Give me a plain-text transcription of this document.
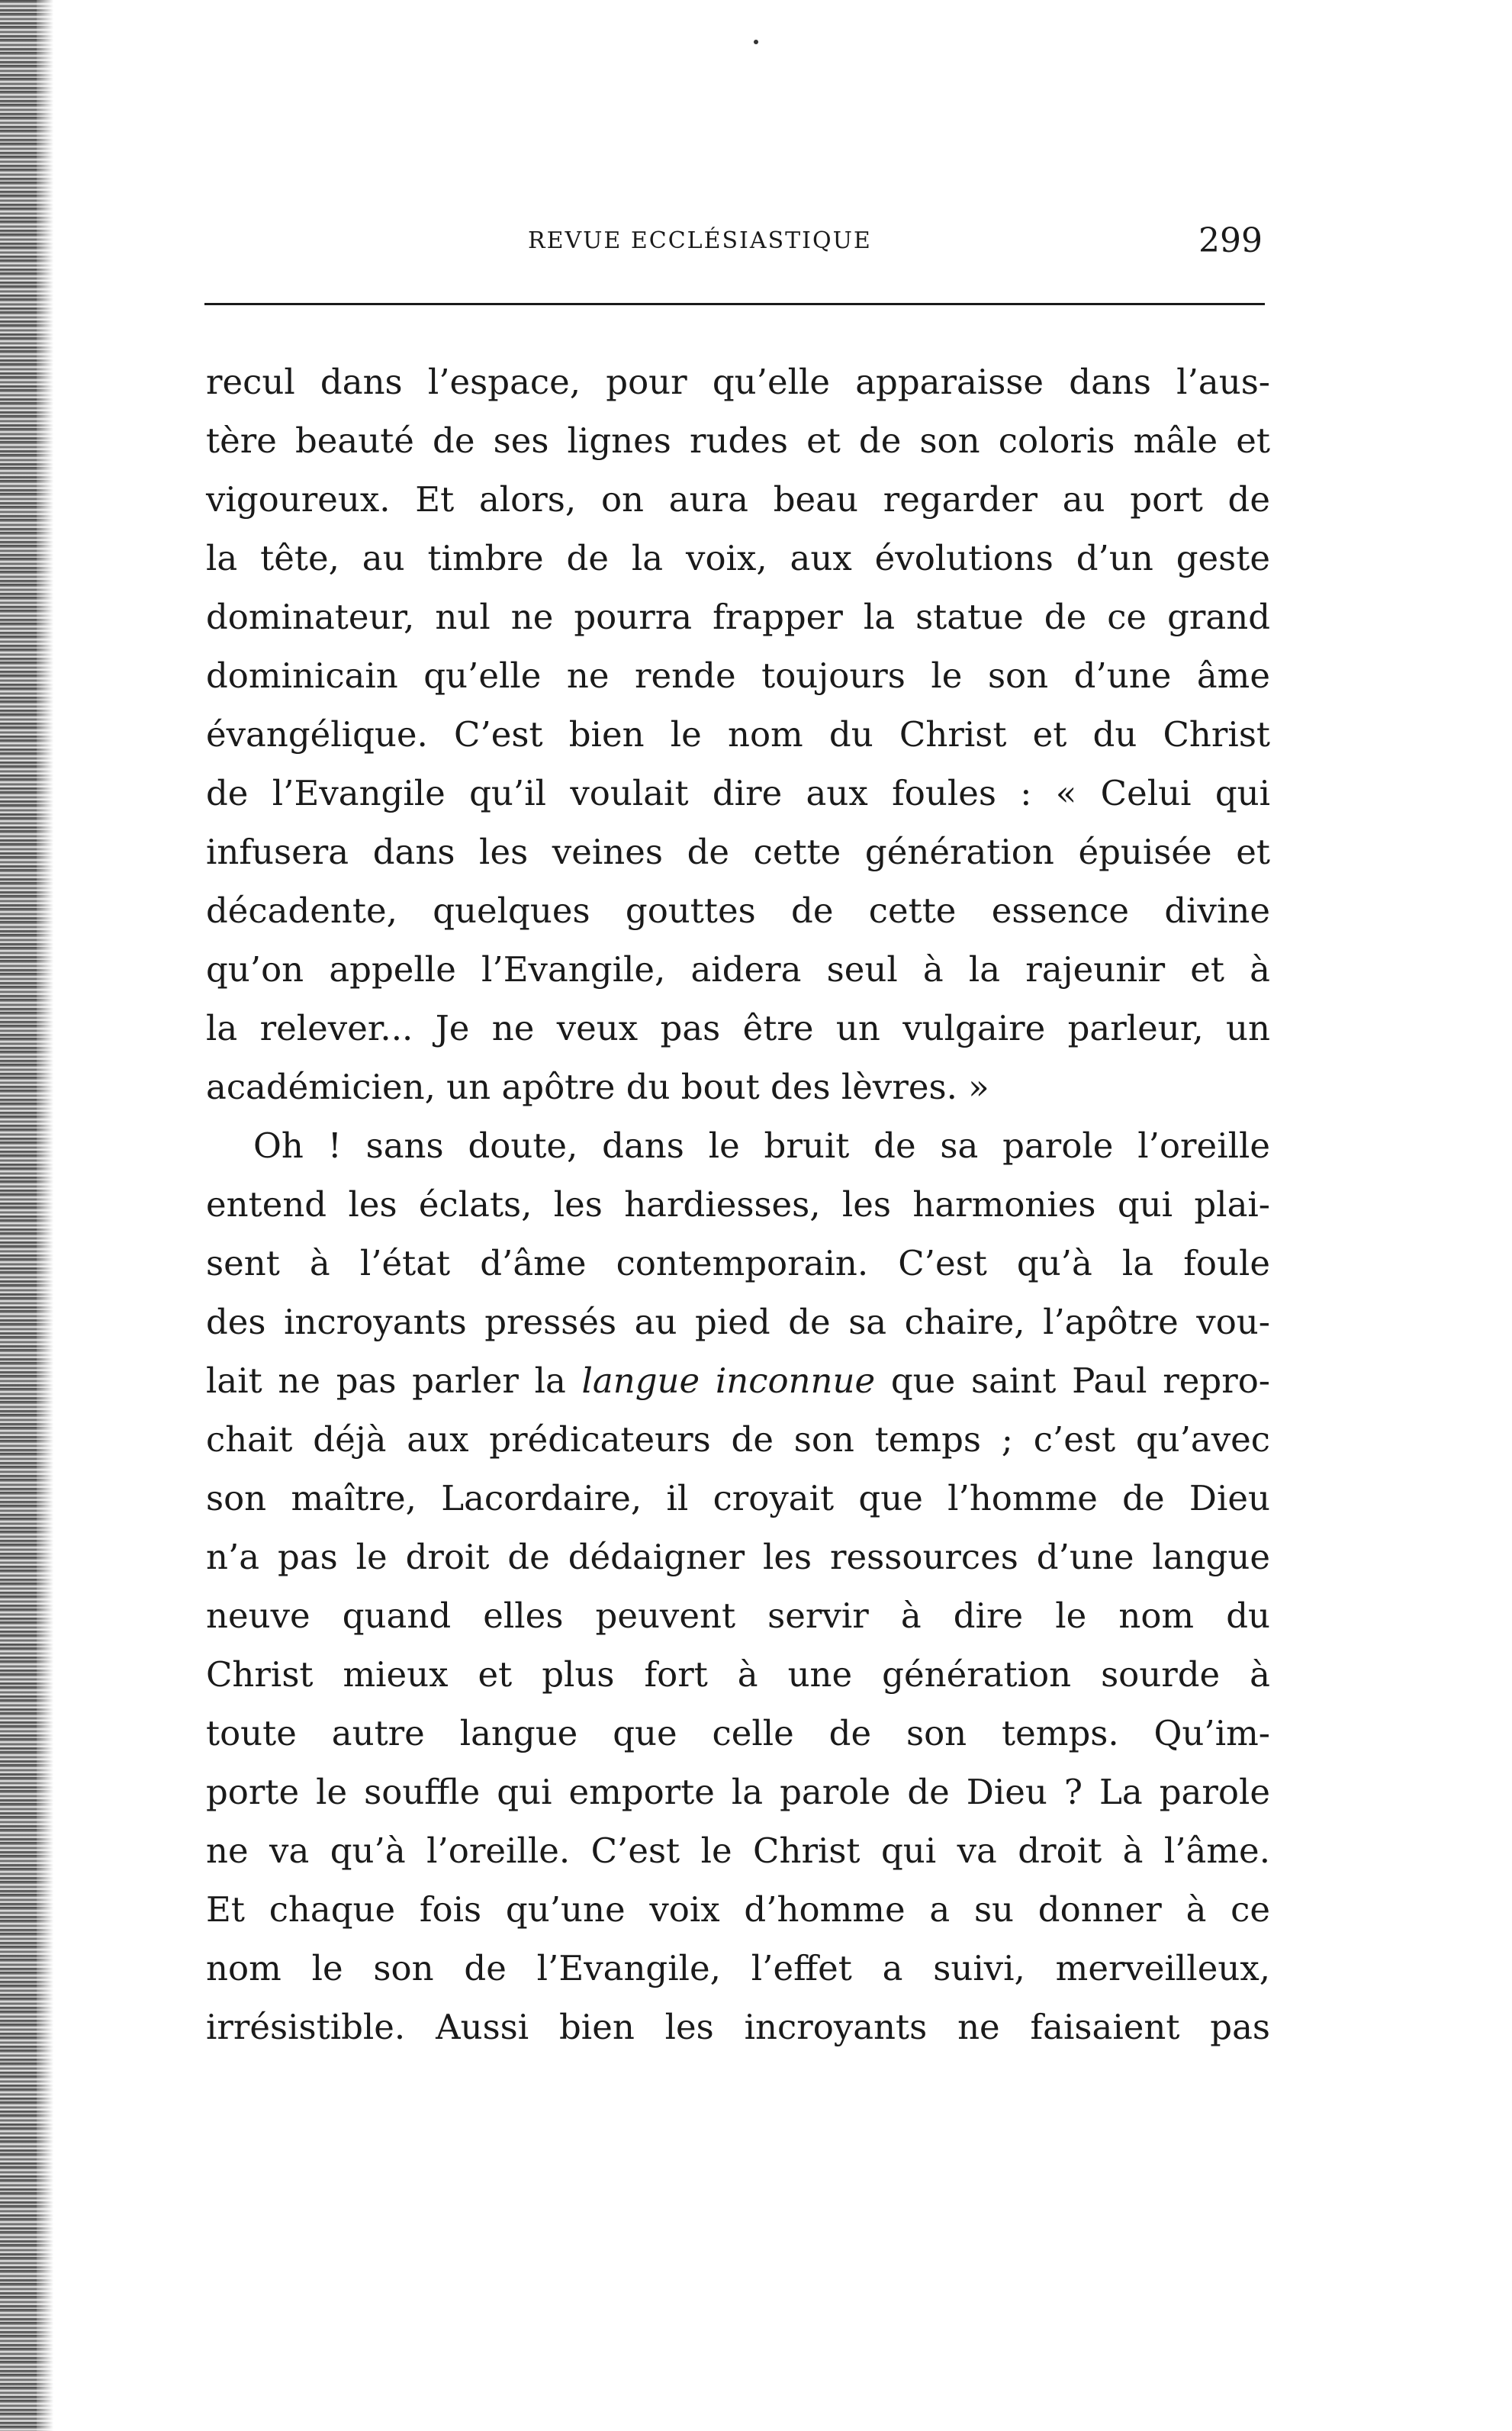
REVUE ECCLÉSIASTIQUE	299
recul dans l’espace, pour qu’elle apparaisse dans l’aus-
tère beauté de ses lignes rudes et de son coloris mâle et
vigoureux. Et alors, on aura beau regarder au port de
la tête, au timbre de la voix, aux évolutions d’un geste
dominateur, nul ne pourra frapper la statue de ce grand
dominicain qu’elle ne rende toujours le son d’une âme
évangélique. C’est bien le nom du Christ et du Christ
de l’Evangile qu’il voulait dire aux foules : « Celui qui
infusera dans les veines de cette génération épuisée et
décadente, quelques gouttes de cette essence divine
qu’on appelle l’Evangile, aidera seul à la rajeunir et à
la relever... Je ne veux pas être un vulgaire parleur, un
académicien, un apôtre du bout des lèvres. »
Oh ! sans doute, dans le bruit de sa parole l’oreille
entend les éclats, les hardiesses, les harmonies qui plai-
sent à l’état d’âme contemporain. C’est qu’à la foule
des incroyants pressés au pied de sa chaire, l’apôtre vou-
lait ne pas parler la langue inconnue que saint Paul repro-
chait déjà aux prédicateurs de son temps ; c’est qu’avec
son maître, Lacordaire, il croyait que l’homme de Dieu
n’a pas le droit de dédaigner les ressources d’une langue
neuve quand elles peuvent servir à dire le nom du
Christ mieux et plus fort à une génération sourde à
toute autre langue que celle de son temps. Qu’im-
porte le souffle qui emporte la parole de Dieu ? La parole
ne va qu’à l’oreille. C’est le Christ qui va droit à l’âme.
Et chaque fois qu’une voix d’homme a su donner à ce
nom le son de l’Evangile, l’effet a suivi, merveilleux,
irrésistible. Aussi bien les incroyants ne faisaient pas
